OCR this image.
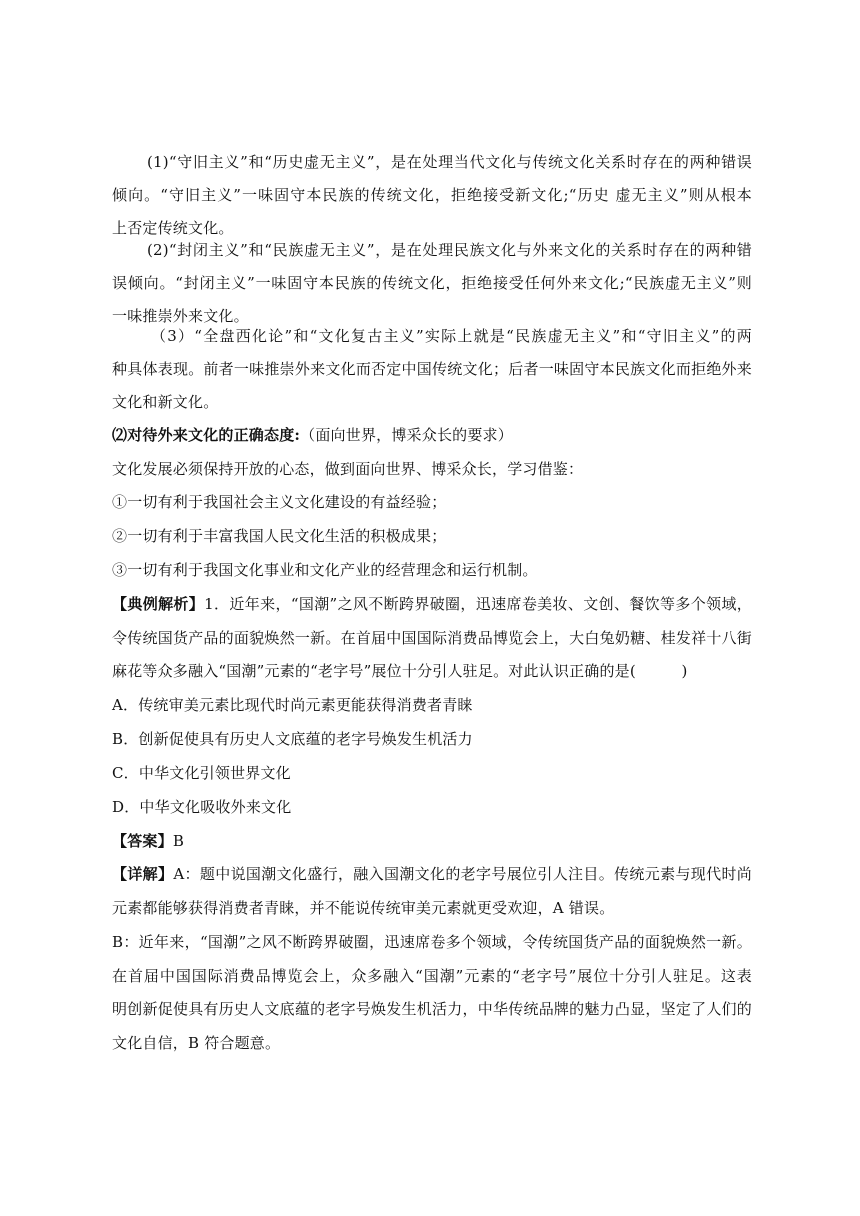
(1)“守旧主义”和“历史虚无主义”，是在处理当代文化与传统文化关系时存在的两种错误
倾向。“守旧主义”一味固守本民族的传统文化，拒绝接受新文化;“历史 虚无主义”则从根本
上否定传统文化。
(2)“封闭主义”和“民族虚无主义”，是在处理民族文化与外来文化的关系时存在的两种错
误倾向。“封闭主义”一味固守本民族的传统文化，拒绝接受任何外来文化;“民族虚无主义”则
一味推崇外来文化。
（3）“全盘西化论”和“文化复古主义”实际上就是“民族虚无主义”和“守旧主义”的两
种具体表现。前者一味推崇外来文化而否定中国传统文化；后者一味固守本民族文化而拒绝外来
文化和新文化。
⑵对待外来文化的正确态度:（面向世界，博采众长的要求）
文化发展必须保持开放的心态，做到面向世界、博采众长，学习借鉴：
①一切有利于我国社会主义文化建设的有益经验；
②一切有利于丰富我国人民文化生活的积极成果；
③一切有利于我国文化事业和文化产业的经营理念和运行机制。
【典例解析】1．近年来，“国潮”之风不断跨界破圈，迅速席卷美妆、文创、餐饮等多个领域，
令传统国货产品的面貌焕然一新。在首届中国国际消费品博览会上，大白兔奶糖、桂发祥十八街
麻花等众多融入“国潮”元素的“老字号”展位十分引人驻足。对此认识正确的是(　　　)
A．传统审美元素比现代时尚元素更能获得消费者青睐
B．创新促使具有历史人文底蕴的老字号焕发生机活力
C．中华文化引领世界文化
D．中华文化吸收外来文化
【答案】B
【详解】A：题中说国潮文化盛行，融入国潮文化的老字号展位引人注目。传统元素与现代时尚
元素都能够获得消费者青睐，并不能说传统审美元素就更受欢迎，A 错误。
B：近年来，“国潮”之风不断跨界破圈，迅速席卷多个领域，令传统国货产品的面貌焕然一新。
在首届中国国际消费品博览会上，众多融入“国潮”元素的“老字号”展位十分引人驻足。这表
明创新促使具有历史人文底蕴的老字号焕发生机活力，中华传统品牌的魅力凸显，坚定了人们的
文化自信，B 符合题意。
